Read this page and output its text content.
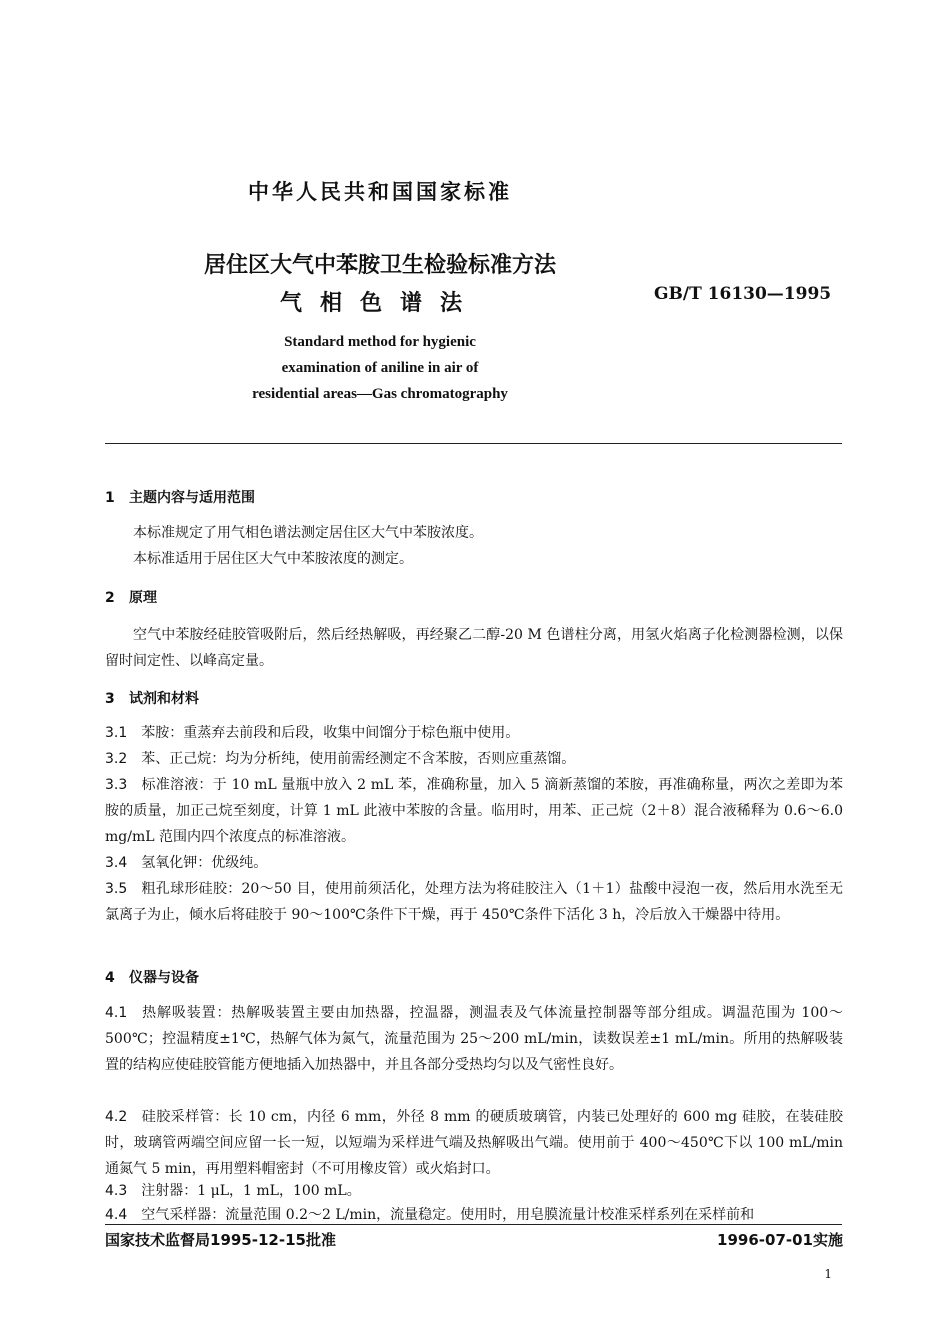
中华人民共和国国家标准
居住区大气中苯胺卫生检验标准方法
气相色谱法	GB/T 16130—1995
Standard method for hygienic
examination of aniline in air of
residential areas—Gas chromatography
1 主题内容与适用范围
本标准规定了用气相色谱法测定居住区大气中苯胺浓度。
本标准适用于居住区大气中苯胺浓度的测定。
2 原理
空气中苯胺经硅胶管吸附后，然后经热解吸，再经聚乙二醇-20 M 色谱柱分离，用氢火焰离子化检测器检测，以保留时间定性、以峰高定量。
3 试剂和材料
3.1 苯胺：重蒸弃去前段和后段，收集中间馏分于棕色瓶中使用。
3.2 苯、正己烷：均为分析纯，使用前需经测定不含苯胺，否则应重蒸馏。
3.3 标准溶液：于 10 mL 量瓶中放入 2 mL 苯，准确称量，加入 5 滴新蒸馏的苯胺，再准确称量，两次之差即为苯胺的质量，加正己烷至刻度，计算 1 mL 此液中苯胺的含量。临用时，用苯、正己烷（2＋8）混合液稀释为 0.6～6.0 mg/mL 范围内四个浓度点的标准溶液。
3.4 氢氧化钾：优级纯。
3.5 粗孔球形硅胶：20～50 目，使用前须活化，处理方法为将硅胶注入（1＋1）盐酸中浸泡一夜，然后用水洗至无氯离子为止，倾水后将硅胶于 90～100℃条件下干燥，再于 450℃条件下活化 3 h，冷后放入干燥器中待用。
4 仪器与设备
4.1 热解吸装置：热解吸装置主要由加热器，控温器，测温表及气体流量控制器等部分组成。调温范围为 100～500℃；控温精度±1℃，热解气体为氮气，流量范围为 25～200 mL/min，读数误差±1 mL/min。所用的热解吸装置的结构应使硅胶管能方便地插入加热器中，并且各部分受热均匀以及气密性良好。
4.2 硅胶采样管：长 10 cm，内径 6 mm，外径 8 mm 的硬质玻璃管，内装已处理好的 600 mg 硅胶，在装硅胶时，玻璃管两端空间应留一长一短，以短端为采样进气端及热解吸出气端。使用前于 400～450℃下以 100 mL/min 通氮气 5 min，再用塑料帽密封（不可用橡皮管）或火焰封口。
4.3 注射器：1 μL，1 mL，100 mL。
4.4 空气采样器：流量范围 0.2～2 L/min，流量稳定。使用时，用皂膜流量计校准采样系列在采样前和
国家技术监督局1995-12-15批准	1996-07-01实施
1
